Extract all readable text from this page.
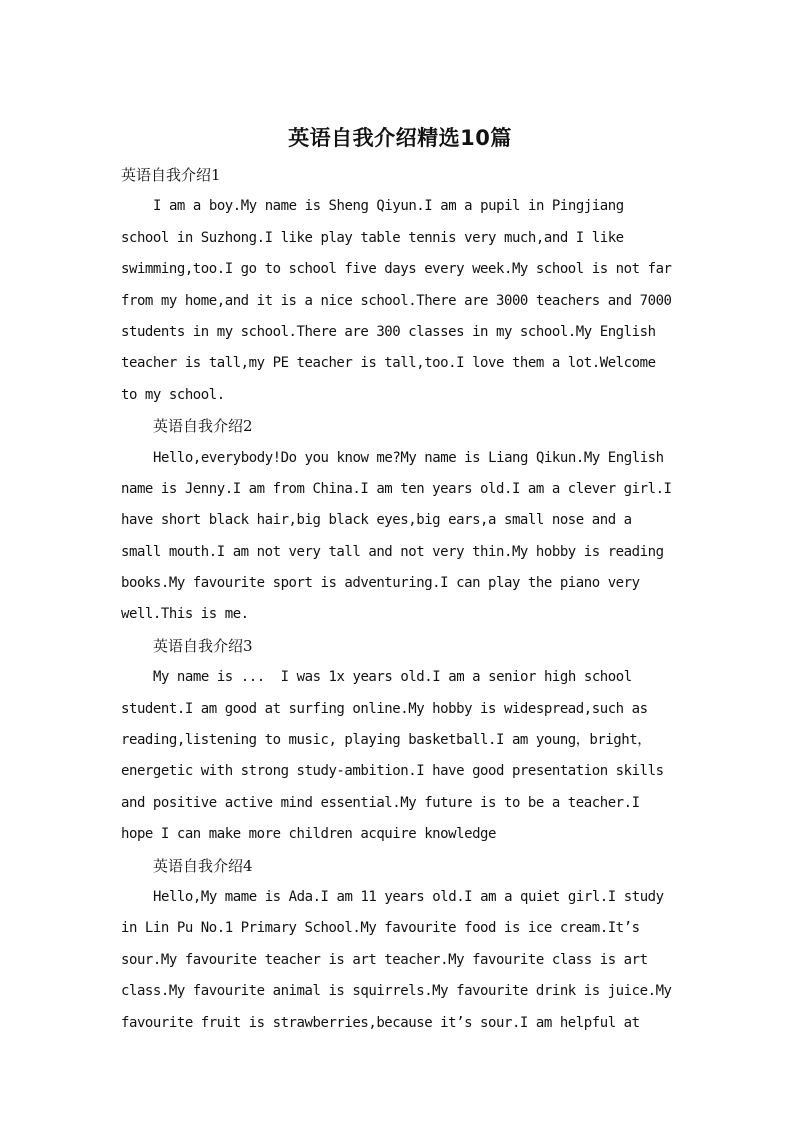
英语自我介绍精选10篇
英语自我介绍1
I am a boy.My name is Sheng Qiyun.I am a pupil in Pingjiang
school in Suzhong.I like play table tennis very much,and I like
swimming,too.I go to school five days every week.My school is not far
from my home,and it is a nice school.There are 3000 teachers and 7000
students in my school.There are 300 classes in my school.My English
teacher is tall,my PE teacher is tall,too.I love them a lot.Welcome
to my school.
英语自我介绍2
Hello,everybody!Do you know me?My name is Liang Qikun.My English
name is Jenny.I am from China.I am ten years old.I am a clever girl.I
have short black hair,big black eyes,big ears,a small nose and a
small mouth.I am not very tall and not very thin.My hobby is reading
books.My favourite sport is adventuring.I can play the piano very
well.This is me.
英语自我介绍3
My name is ...  I was 1x years old.I am a senior high school
student.I am good at surfing online.My hobby is widespread,such as
reading,listening to music, playing basketball.I am young，bright，
energetic with strong study-ambition.I have good presentation skills
and positive active mind essential.My future is to be a teacher.I
hope I can make more children acquire knowledge
英语自我介绍4
Hello,My mame is Ada.I am 11 years old.I am a quiet girl.I study
in Lin Pu No.1 Primary School.My favourite food is ice cream.It’s
sour.My favourite teacher is art teacher.My favourite class is art
class.My favourite animal is squirrels.My favourite drink is juice.My
favourite fruit is strawberries,because it’s sour.I am helpful at
